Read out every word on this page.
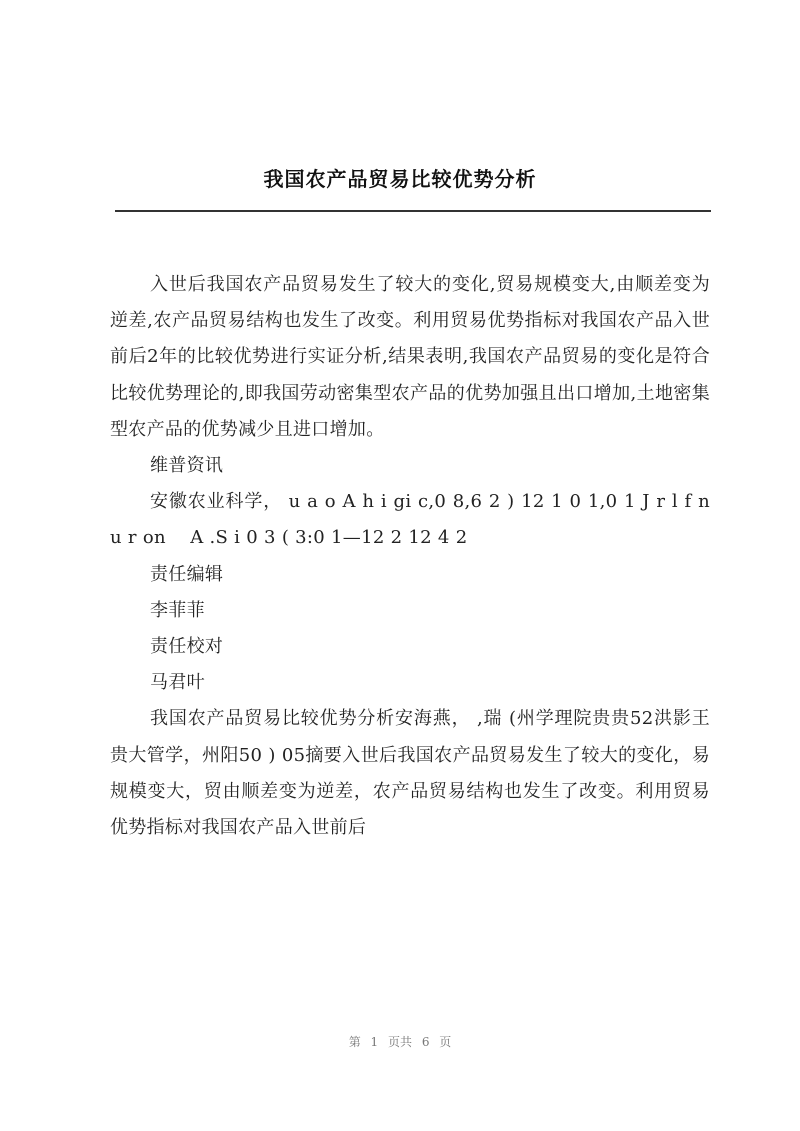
我国农产品贸易比较优势分析

入世后我国农产品贸易发生了较大的变化,贸易规模变大,由顺差变为逆差,农产品贸易结构也发生了改变。利用贸易优势指标对我国农产品入世前后2年的比较优势进行实证分析,结果表明,我国农产品贸易的变化是符合比较优势理论的,即我国劳动密集型农产品的优势加强且出口增加,土地密集型农产品的优势减少且进口增加。

维普资讯

安徽农业科学， u a o A h i gi c,0 8,6 2 ) 12 1 0 1,0 1 J r l f n u r on　 A .S i 0 3 ( 3:0 1—12 2 12 4 2

责任编辑

李菲菲

责任校对

马君叶

我国农产品贸易比较优势分析安海燕， ,瑞 (州学理院贵贵52洪影王贵大管学，州阳50 ) 05摘要入世后我国农产品贸易发生了较大的变化，易规模变大，贸由顺差变为逆差，农产品贸易结构也发生了改变。利用贸易优势指标对我国农产品入世前后

第 1 页共 6 页
